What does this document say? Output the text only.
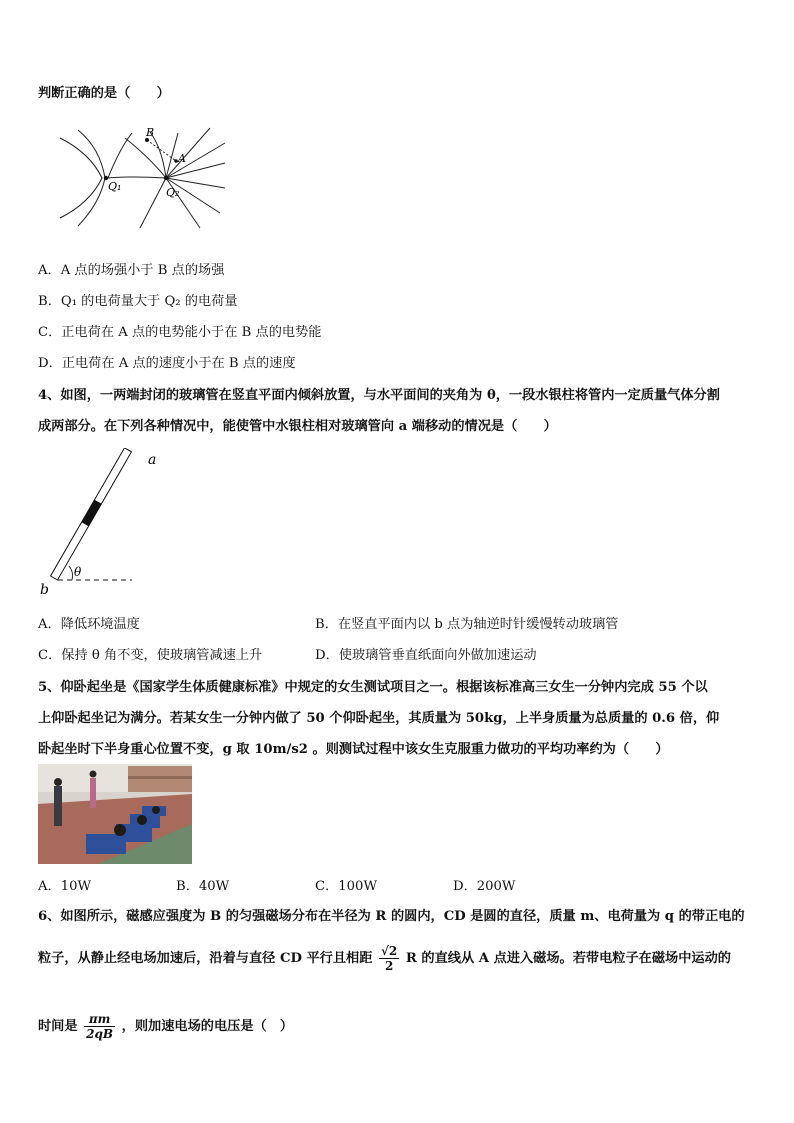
判断正确的是（　　）
B
A
Q₁	Q₂
A．A 点的场强小于 B 点的场强
B．Q₁ 的电荷量大于 Q₂ 的电荷量
C．正电荷在 A 点的电势能小于在 B 点的电势能
D．正电荷在 A 点的速度小于在 B 点的速度
4、如图，一两端封闭的玻璃管在竖直平面内倾斜放置，与水平面间的夹角为 θ，一段水银柱将管内一定质量气体分割
成两部分。在下列各种情况中，能使管中水银柱相对玻璃管向 a 端移动的情况是（　　）
a
b
θ
A．降低环境温度	B．在竖直平面内以 b 点为轴逆时针缓慢转动玻璃管
C．保持 θ 角不变，使玻璃管减速上升	D．使玻璃管垂直纸面向外做加速运动
5、仰卧起坐是《国家学生体质健康标准》中规定的女生测试项目之一。根据该标准高三女生一分钟内完成 55 个以
上仰卧起坐记为满分。若某女生一分钟内做了 50 个仰卧起坐，其质量为 50kg，上半身质量为总质量的 0.6 倍，仰
卧起坐时下半身重心位置不变，g 取 10m/s2 。则测试过程中该女生克服重力做功的平均功率约为（　　）
A．10W	B．40W	C．100W	D．200W
6、如图所示，磁感应强度为 B 的匀强磁场分布在半径为 R 的圆内，CD 是圆的直径，质量 m、电荷量为 q 的带正电的
粒子，从静止经电场加速后，沿着与直径 CD 平行且相距 $\frac{√2}{2}$ R 的直线从 A 点进入磁场。若带电粒子在磁场中运动的
时间是 $\frac{\pi m}{2qB}$ ，则加速电场的电压是（　）
